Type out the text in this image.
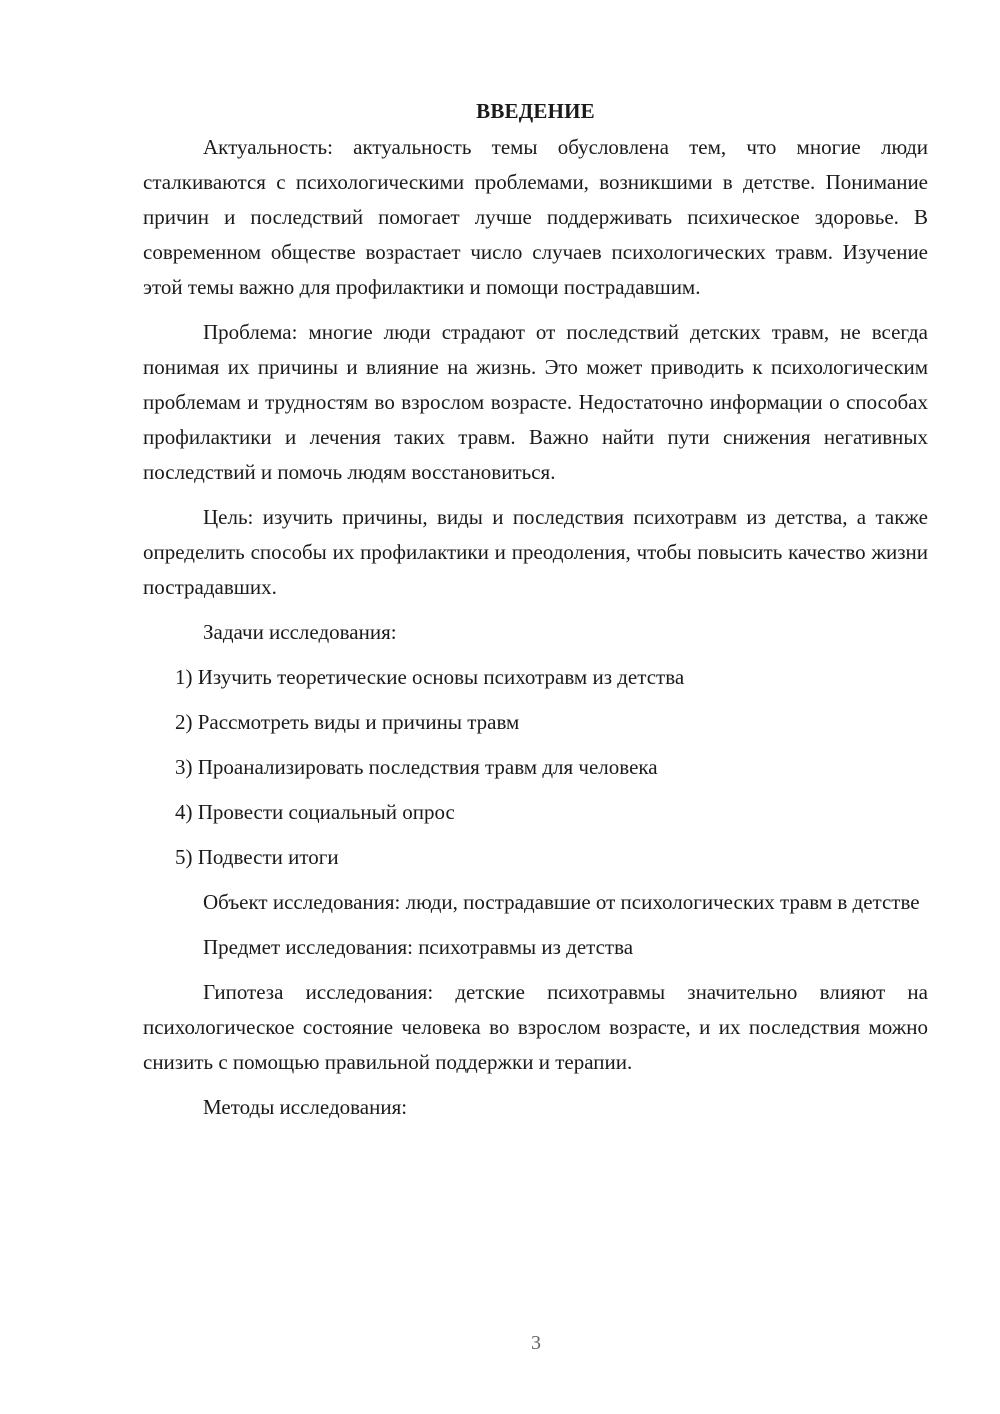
ВВЕДЕНИЕ

Актуальность: актуальность темы обусловлена тем, что многие люди сталкиваются с психологическими проблемами, возникшими в детстве. Понимание причин и последствий помогает лучше поддерживать психическое здоровье. В современном обществе возрастает число случаев психологических травм. Изучение этой темы важно для профилактики и помощи пострадавшим.

Проблема: многие люди страдают от последствий детских травм, не всегда понимая их причины и влияние на жизнь. Это может приводить к психологическим проблемам и трудностям во взрослом возрасте. Недостаточно информации о способах профилактики и лечения таких травм. Важно найти пути снижения негативных последствий и помочь людям восстановиться.

Цель: изучить причины, виды и последствия психотравм из детства, а также определить способы их профилактики и преодоления, чтобы повысить качество жизни пострадавших.

Задачи исследования:

1) Изучить теоретические основы психотравм из детства
2) Рассмотреть виды и причины травм
3) Проанализировать последствия травм для человека
4) Провести социальный опрос
5) Подвести итоги

Объект исследования: люди, пострадавшие от психологических травм в детстве

Предмет исследования: психотравмы из детства

Гипотеза исследования: детские психотравмы значительно влияют на психологическое состояние человека во взрослом возрасте, и их последствия можно снизить с помощью правильной поддержки и терапии.

Методы исследования:

3
